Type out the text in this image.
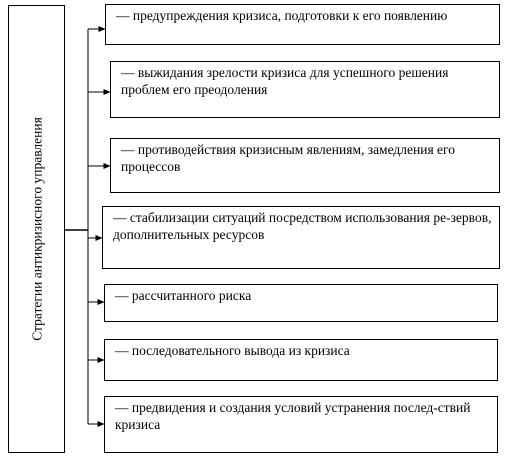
Стратегии антикризисного управления
— предупреждения кризиса, подготовки к его появлению
— выжидания зрелости кризиса для успешного решения проблем его преодоления
— противодействия кризисным явлениям, замедления его процессов
— стабилизации ситуаций посредством использования ре-зервов, дополнительных ресурсов
— рассчитанного риска
— последовательного вывода из кризиса
— предвидения и создания условий устранения послед-ствий кризиса
